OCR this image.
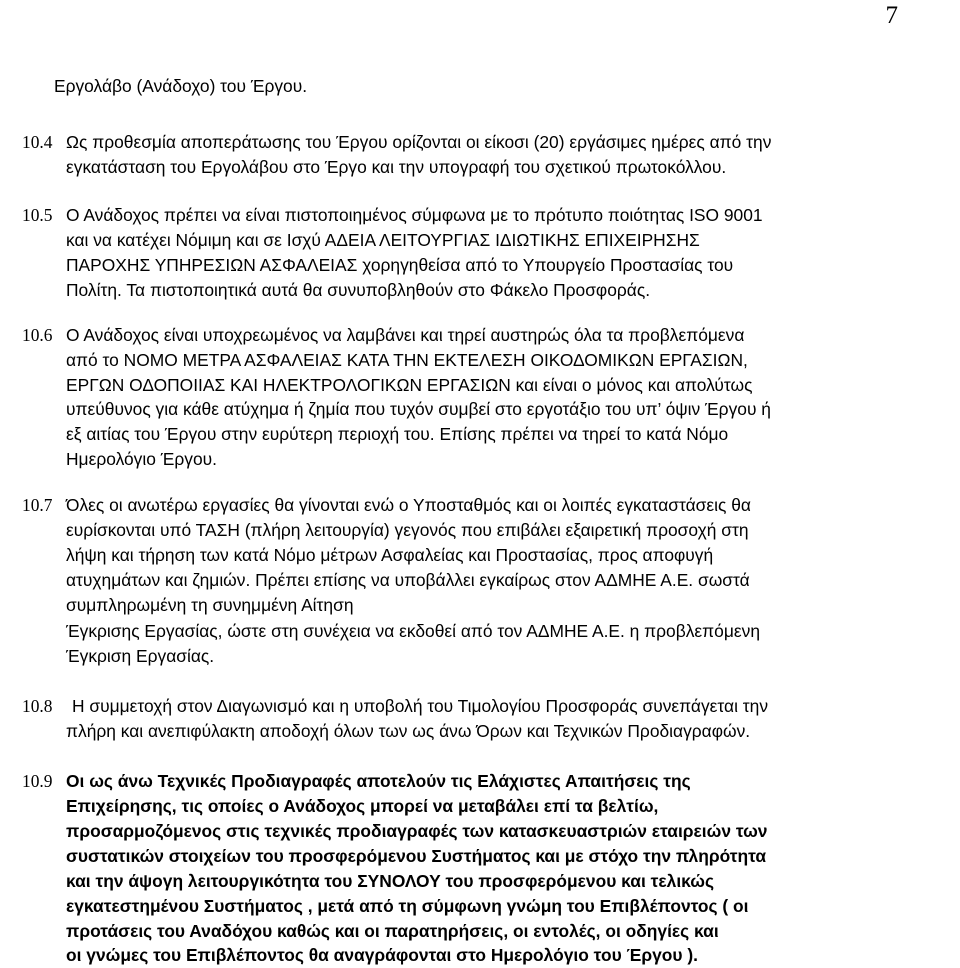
7
Εργολάβο (Ανάδοχο) του Έργου.
10.4 Ως προθεσμία αποπεράτωσης του Έργου ορίζονται οι είκοσι (20) εργάσιμες ημέρες από την
εγκατάσταση του Εργολάβου στο Έργο και την υπογραφή του σχετικού πρωτοκόλλου.
10.5 Ο Ανάδοχος πρέπει να είναι πιστοποιημένος σύμφωνα με το πρότυπο ποιότητας ISO 9001
και να κατέχει Νόμιμη και σε Ισχύ ΑΔΕΙΑ ΛΕΙΤΟΥΡΓΙΑΣ ΙΔΙΩΤΙΚΗΣ ΕΠΙΧΕΙΡΗΣΗΣ
ΠΑΡΟΧΗΣ ΥΠΗΡΕΣΙΩΝ ΑΣΦΑΛΕΙΑΣ χορηγηθείσα από το Υπουργείο Προστασίας του
Πολίτη. Τα πιστοποιητικά αυτά θα συνυποβληθούν στο Φάκελο Προσφοράς.
10.6 Ο Ανάδοχος είναι υποχρεωμένος να λαμβάνει και τηρεί αυστηρώς όλα τα προβλεπόμενα
από το ΝΟΜΟ ΜΕΤΡΑ ΑΣΦΑΛΕΙΑΣ ΚΑΤΑ ΤΗΝ ΕΚΤΕΛΕΣΗ ΟΙΚΟΔΟΜΙΚΩΝ ΕΡΓΑΣΙΩΝ,
ΕΡΓΩΝ ΟΔΟΠΟΙΙΑΣ ΚΑΙ ΗΛΕΚΤΡΟΛΟΓΙΚΩΝ ΕΡΓΑΣΙΩΝ και είναι ο μόνος και απολύτως
υπεύθυνος για κάθε ατύχημα ή ζημία που τυχόν συμβεί στο εργοτάξιο του υπ’ όψιν Έργου ή
εξ αιτίας του Έργου στην ευρύτερη περιοχή του. Επίσης πρέπει να τηρεί το κατά Νόμο
Ημερολόγιο Έργου.
10.7 Όλες οι ανωτέρω εργασίες θα γίνονται ενώ ο Υποσταθμός και οι λοιπές εγκαταστάσεις θα
ευρίσκονται υπό ΤΑΣΗ (πλήρη λειτουργία) γεγονός που επιβάλει εξαιρετική προσοχή στη
λήψη και τήρηση των κατά Νόμο μέτρων Ασφαλείας και Προστασίας, προς αποφυγή
ατυχημάτων και ζημιών. Πρέπει επίσης να υποβάλλει εγκαίρως στον ΑΔΜΗΕ Α.Ε. σωστά
συμπληρωμένη τη συνημμένη Αίτηση
Έγκρισης Εργασίας, ώστε στη συνέχεια να εκδοθεί από τον ΑΔΜΗΕ Α.Ε. η προβλεπόμενη
Έγκριση Εργασίας.
10.8 Η συμμετοχή στον Διαγωνισμό και η υποβολή του Τιμολογίου Προσφοράς συνεπάγεται την
πλήρη και ανεπιφύλακτη αποδοχή όλων των ως άνω Όρων και Τεχνικών Προδιαγραφών.
10.9 Οι ως άνω Τεχνικές Προδιαγραφές αποτελούν τις Ελάχιστες Απαιτήσεις της
Επιχείρησης, τις οποίες ο Ανάδοχος μπορεί να μεταβάλει επί τα βελτίω,
προσαρμοζόμενος στις τεχνικές προδιαγραφές των κατασκευαστριών εταιρειών των
συστατικών στοιχείων του προσφερόμενου Συστήματος και με στόχο την πληρότητα
και την άψογη λειτουργικότητα του ΣΥΝΟΛΟΥ του προσφερόμενου και τελικώς
εγκατεστημένου Συστήματος , μετά από τη σύμφωνη γνώμη του Επιβλέποντος ( οι
προτάσεις του Αναδόχου καθώς και οι παρατηρήσεις, οι εντολές, οι οδηγίες και
οι γνώμες του Επιβλέποντος θα αναγράφονται στο Ημερολόγιο του Έργου ).
